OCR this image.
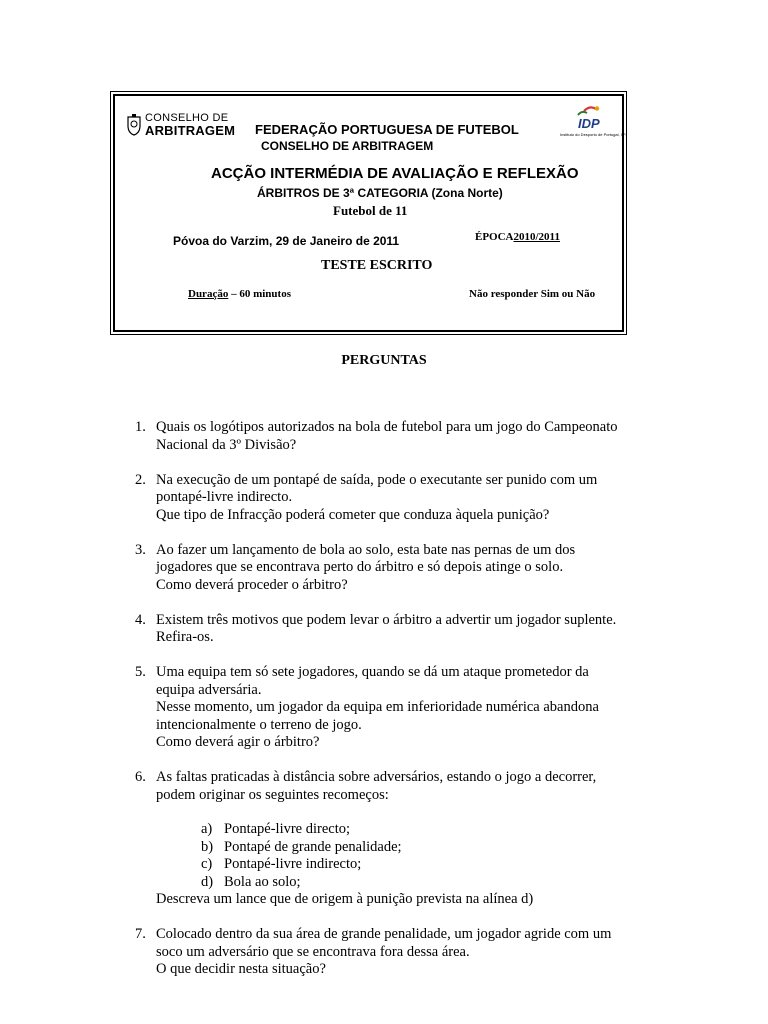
CONSELHO DE
ARBITRAGEM	IDP
Instituto do Desporto de Portugal, I.P.
FEDERAÇÃO PORTUGUESA DE FUTEBOL
CONSELHO DE ARBITRAGEM
ACÇÃO INTERMÉDIA DE AVALIAÇÃO E REFLEXÃO
ÁRBITROS DE 3ª CATEGORIA (Zona Norte)
Futebol de 11
Póvoa do Varzim, 29 de Janeiro de 2011	ÉPOCA2010/2011
TESTE ESCRITO
Duração – 60 minutos	Não responder Sim ou Não
PERGUNTAS
1. Quais os logótipos autorizados na bola de futebol para um jogo do Campeonato

Nacional da 3º Divisão?

2. Na execução de um pontapé de saída, pode o executante ser punido com um

pontapé-livre indirecto.

Que tipo de Infracção poderá cometer que conduza àquela punição?

3. Ao fazer um lançamento de bola ao solo, esta bate nas pernas de um dos

jogadores que se encontrava perto do árbitro e só depois atinge o solo.

Como deverá proceder o árbitro?

4. Existem três motivos que podem levar o árbitro a advertir um jogador suplente.

Refira-os.

5. Uma equipa tem só sete jogadores, quando se dá um ataque prometedor da

equipa adversária.

Nesse momento, um jogador da equipa em inferioridade numérica abandona

intencionalmente o terreno de jogo.

Como deverá agir o árbitro?

6. As faltas praticadas à distância sobre adversários, estando o jogo a decorrer,

podem originar os seguintes recomeços:

a) Pontapé-livre directo;
b) Pontapé de grande penalidade;
c) Pontapé-livre indirecto;
d) Bola ao solo;

Descreva um lance que de origem à punição prevista na alínea d)

7. Colocado dentro da sua área de grande penalidade, um jogador agride com um

soco um adversário que se encontrava fora dessa área.

O que decidir nesta situação?
